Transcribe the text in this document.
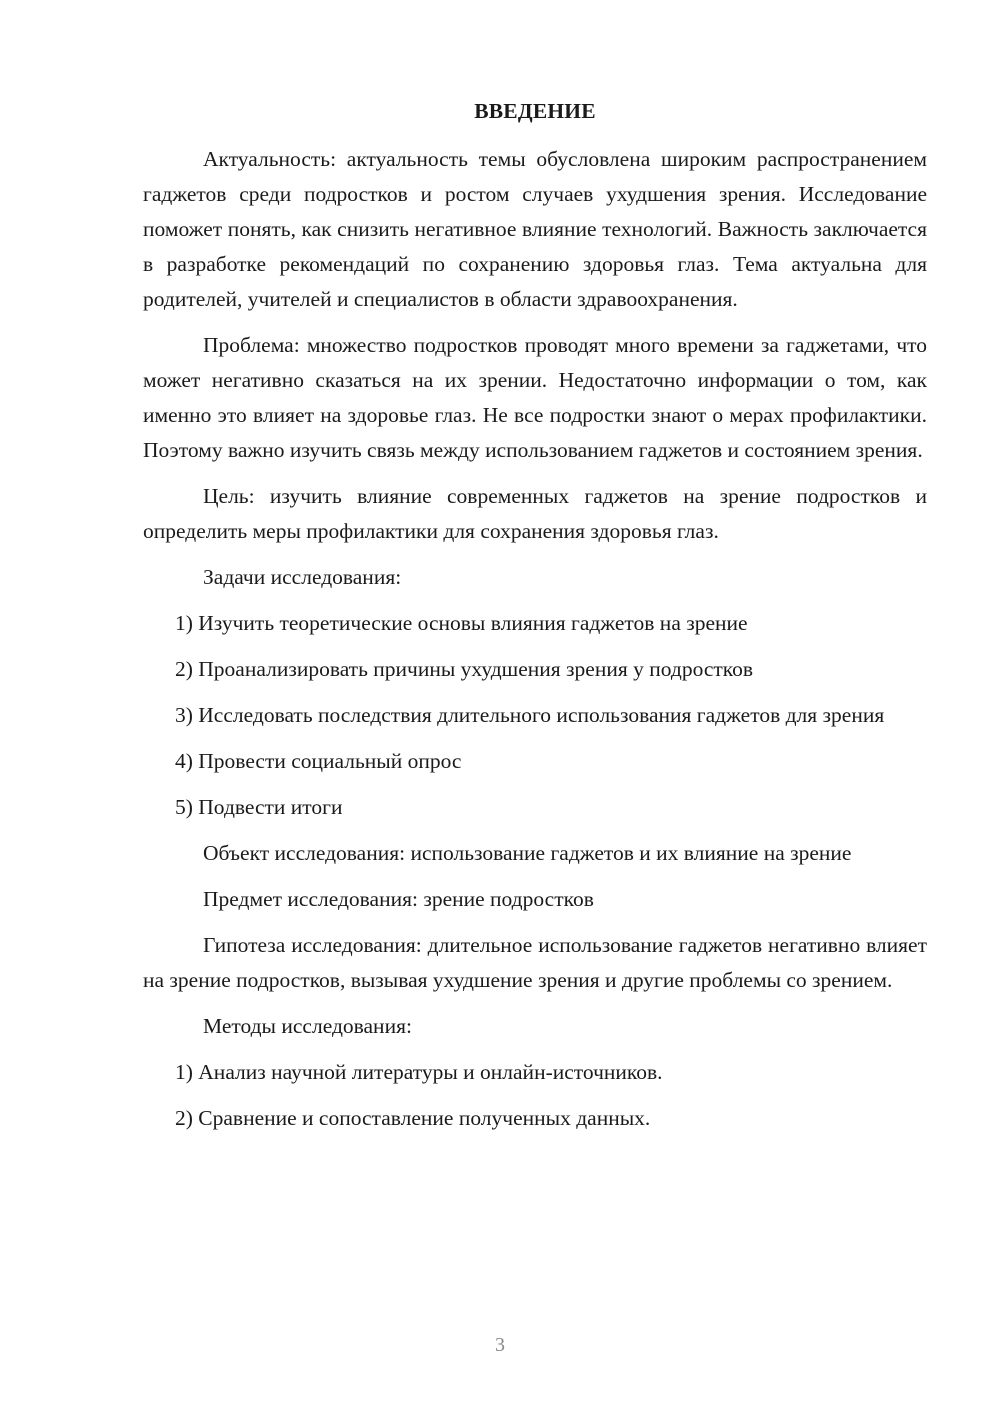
ВВЕДЕНИЕ

Актуальность: актуальность темы обусловлена широким распространением гаджетов среди подростков и ростом случаев ухудшения зрения. Исследование поможет понять, как снизить негативное влияние технологий. Важность заключается в разработке рекомендаций по сохранению здоровья глаз. Тема актуальна для родителей, учителей и специалистов в области здравоохранения.

Проблема: множество подростков проводят много времени за гаджетами, что может негативно сказаться на их зрении. Недостаточно информации о том, как именно это влияет на здоровье глаз. Не все подростки знают о мерах профилактики. Поэтому важно изучить связь между использованием гаджетов и состоянием зрения.

Цель: изучить влияние современных гаджетов на зрение подростков и определить меры профилактики для сохранения здоровья глаз.

Задачи исследования:

1) Изучить теоретические основы влияния гаджетов на зрение

2) Проанализировать причины ухудшения зрения у подростков

3) Исследовать последствия длительного использования гаджетов для зрения

4) Провести социальный опрос

5) Подвести итоги

Объект исследования: использование гаджетов и их влияние на зрение

Предмет исследования: зрение подростков

Гипотеза исследования: длительное использование гаджетов негативно влияет на зрение подростков, вызывая ухудшение зрения и другие проблемы со зрением.

Методы исследования:

1) Анализ научной литературы и онлайн-источников.

2) Сравнение и сопоставление полученных данных.

3
